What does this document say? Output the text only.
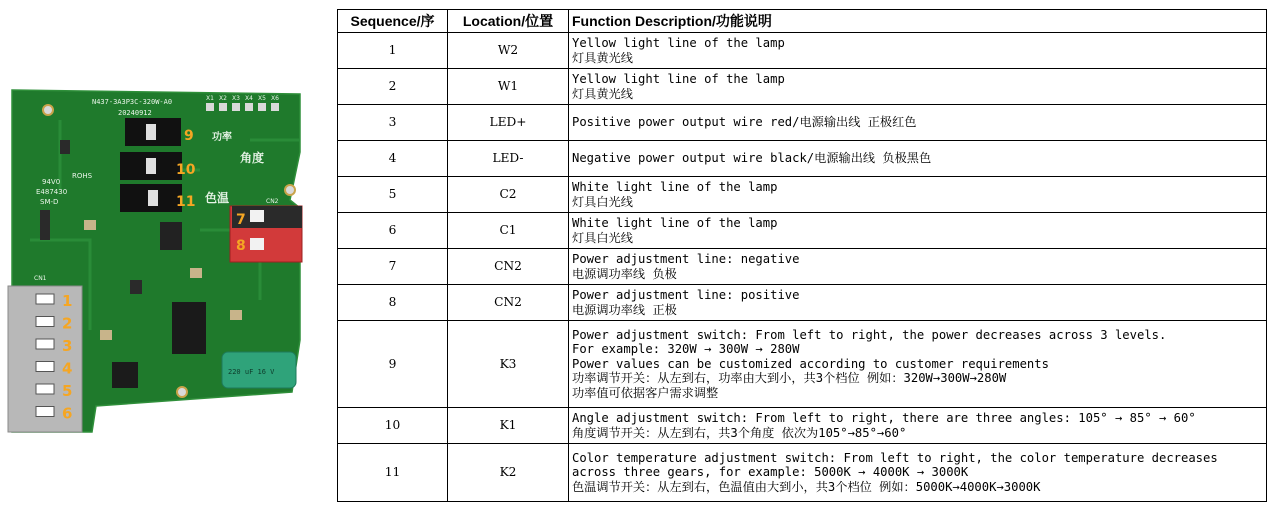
N437-3A3P3C-320W-A0
20240912
ROHS
94V0
E487430
SM-D
功率
角度
色温	CN2
CN1
X1 X2 X3 X4 X5 X6
220 uF 16 V
9
10
11
7
8
1
2
3
4
5
6
Sequence/序	Location/位置	Function Description/功能说明
1	W2	Yellow light line of the lamp
灯具黄光线

2	W1	Yellow light line of the lamp
灯具黄光线

3	LED+	Positive power output wire red/电源输出线 正极红色

4	LED-	Negative power output wire black/电源输出线 负极黑色

5	C2	White light line of the lamp
灯具白光线

6	C1	White light line of the lamp
灯具白光线

7	CN2	Power adjustment line: negative
电源调功率线 负极

8	CN2	Power adjustment line: positive
电源调功率线 正极

9	K3	Power adjustment switch: From left to right, the power decreases across 3 levels.
For example: 320W → 300W → 280W
Power values can be customized according to customer requirements
功率调节开关：从左到右，功率由大到小，共3个档位 例如：320W→300W→280W
功率值可依据客户需求调整

10	K1	Angle adjustment switch: From left to right, there are three angles: 105° → 85° → 60°
角度调节开关：从左到右，共3个角度 依次为105°→85°→60°

11	K2	Color temperature adjustment switch: From left to right, the color temperature decreases
across three gears, for example: 5000K → 4000K → 3000K
色温调节开关：从左到右，色温值由大到小，共3个档位 例如：5000K→4000K→3000K
